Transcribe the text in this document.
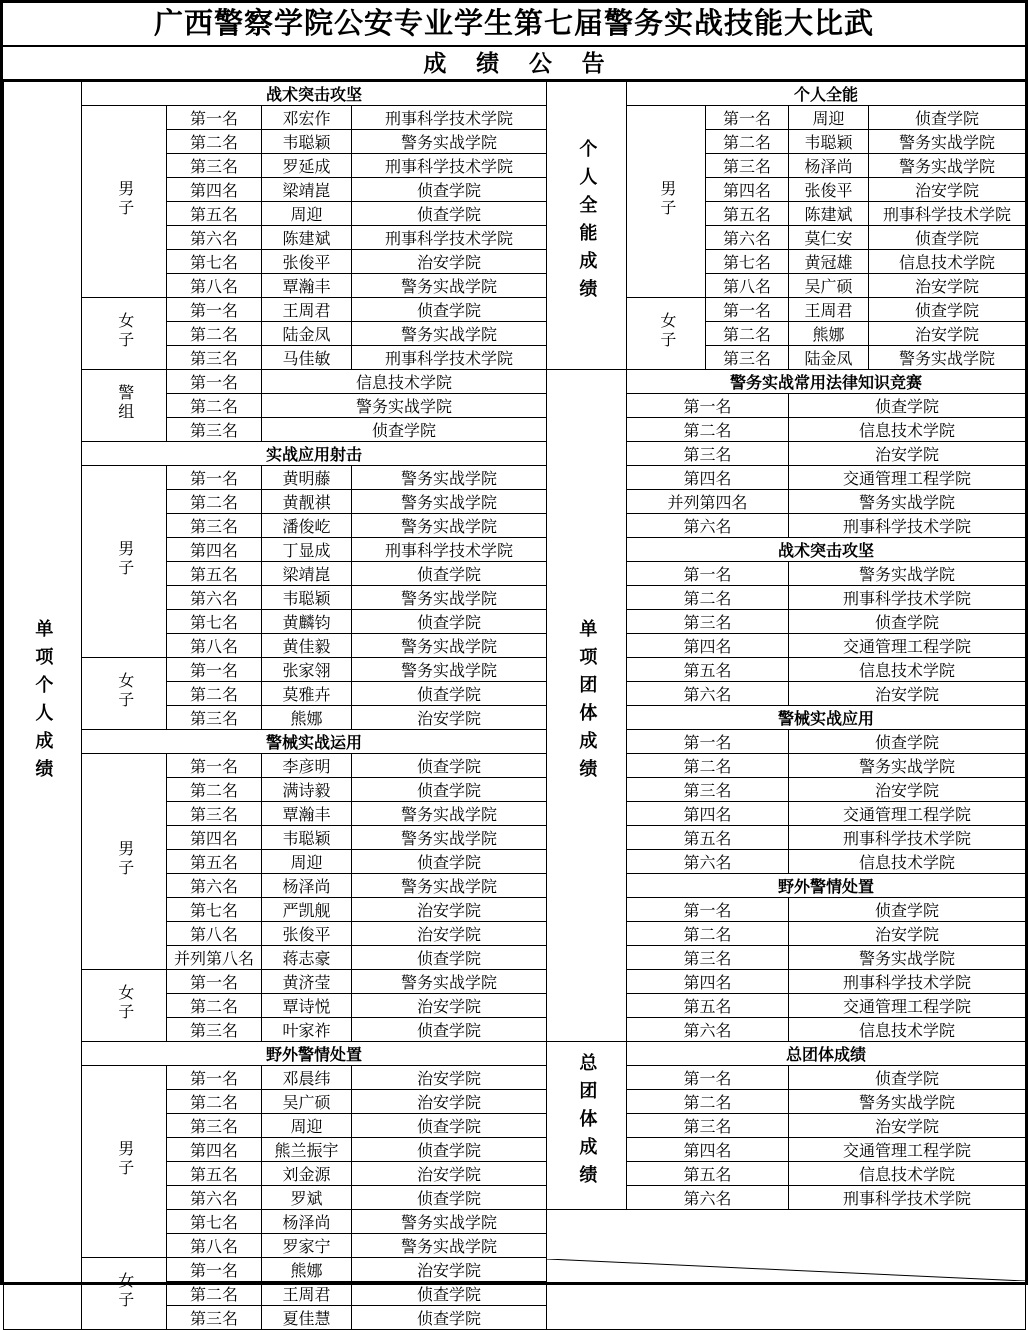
广西警察学院公安专业学生第七届警务实战技能大比武
成 绩 公 告
单项个人成绩	战术突击攻坚				个人全能成绩	个人全能			
	男子	第一名	邓宏作	刑事科学技术学院		男子	第一名	周迎	侦查学院
		第二名	韦聪颖	警务实战学院			第二名	韦聪颖	警务实战学院
		第三名	罗延成	刑事科学技术学院			第三名	杨泽尚	警务实战学院
		第四名	梁靖崑	侦查学院			第四名	张俊平	治安学院
		第五名	周迎	侦查学院			第五名	陈建斌	刑事科学技术学院
		第六名	陈建斌	刑事科学技术学院			第六名	莫仁安	侦查学院
		第七名	张俊平	治安学院			第七名	黄冠雄	信息技术学院
		第八名	覃瀚丰	警务实战学院			第八名	吴广硕	治安学院
	女子	第一名	王周君	侦查学院		女子	第一名	王周君	侦查学院
		第二名	陆金凤	警务实战学院			第二名	熊娜	治安学院
		第三名	马佳敏	刑事科学技术学院			第三名	陆金凤	警务实战学院
	警组	第一名	信息技术学院		单项团体成绩	警务实战常用法律知识竞赛			
		第二名	警务实战学院			第一名		侦查学院	
		第三名	侦查学院			第二名		信息技术学院	
	实战应用射击					第三名		治安学院	
	男子	第一名	黄明藤	警务实战学院		第四名		交通管理工程学院	
		第二名	黄靓祺	警务实战学院		并列第四名		警务实战学院	
		第三名	潘俊屹	警务实战学院		第六名		刑事科学技术学院	
		第四名	丁显成	刑事科学技术学院		战术突击攻坚			
		第五名	梁靖崑	侦查学院		第一名		警务实战学院	
		第六名	韦聪颖	警务实战学院		第二名		刑事科学技术学院	
		第七名	黄麟钧	侦查学院		第三名		侦查学院	
		第八名	黄佳毅	警务实战学院		第四名		交通管理工程学院	
	女子	第一名	张家翎	警务实战学院		第五名		信息技术学院	
		第二名	莫雅卉	侦查学院		第六名		治安学院	
		第三名	熊娜	治安学院		警械实战应用			
	警械实战运用					第一名		侦查学院	
	男子	第一名	李彦明	侦查学院		第二名		警务实战学院	
		第二名	满诗毅	侦查学院		第三名		治安学院	
		第三名	覃瀚丰	警务实战学院		第四名		交通管理工程学院	
		第四名	韦聪颖	警务实战学院		第五名		刑事科学技术学院	
		第五名	周迎	侦查学院		第六名		信息技术学院	
		第六名	杨泽尚	警务实战学院		野外警情处置			
		第七名	严凯舰	治安学院		第一名		侦查学院	
		第八名	张俊平	治安学院		第二名		治安学院	
		并列第八名	蒋志豪	侦查学院		第三名		警务实战学院	
	女子	第一名	黄济莹	警务实战学院		第四名		刑事科学技术学院	
		第二名	覃诗悦	治安学院		第五名		交通管理工程学院	
		第三名	叶家祚	侦查学院		第六名		信息技术学院	
	野外警情处置				总团体成绩	总团体成绩			
	男子	第一名	邓晨纬	治安学院		第一名		侦查学院	
		第二名	吴广硕	治安学院		第二名		警务实战学院	
		第三名	周迎	侦查学院		第三名		治安学院	
		第四名	熊兰振宇	侦查学院		第四名		交通管理工程学院	
		第五名	刘金源	治安学院		第五名		信息技术学院	
		第六名	罗斌	侦查学院		第六名		刑事科学技术学院	
		第七名	杨泽尚	警务实战学院	

		第八名	罗家宁	警务实战学院					
	女子	第一名	熊娜	治安学院					
		第二名	王周君	侦查学院					
		第三名	夏佳慧	侦查学院					
